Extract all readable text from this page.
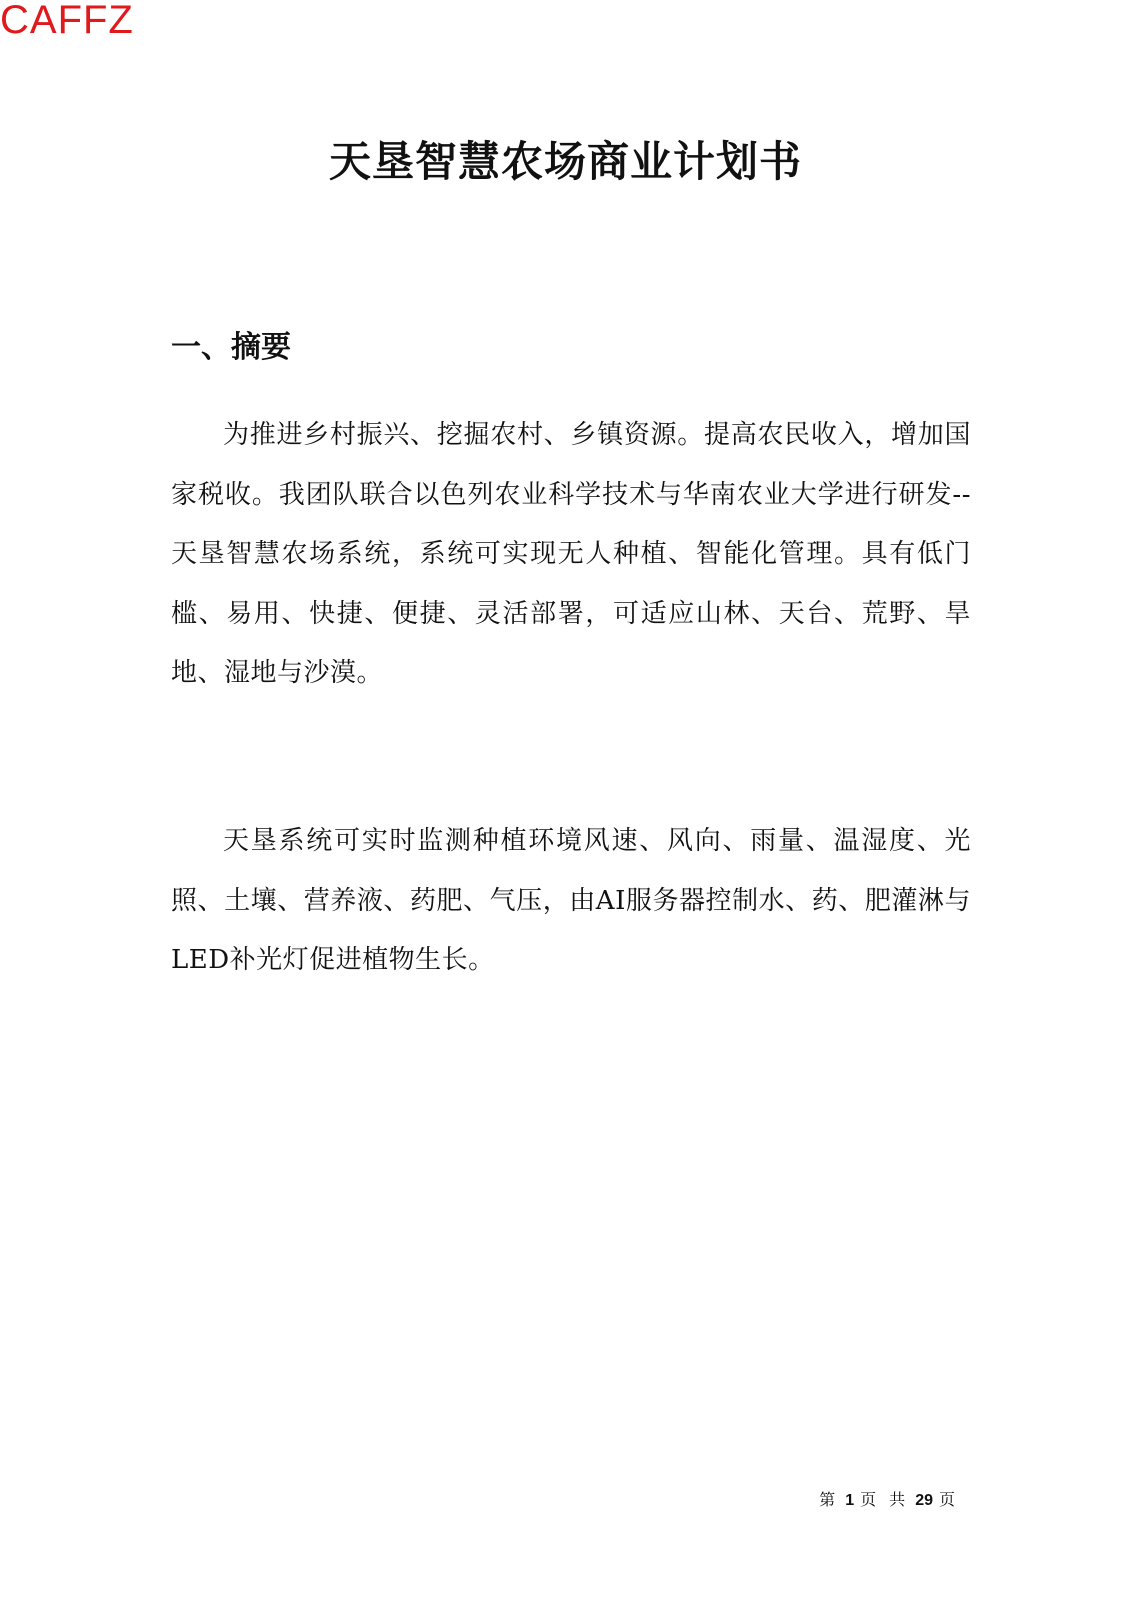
CAFFZ
天垦智慧农场商业计划书
一、摘要

为推进乡村振兴、挖掘农村、乡镇资源。提高农民收入，增加国家税收。我团队联合以色列农业科学技术与华南农业大学进行研发--天垦智慧农场系统，系统可实现无人种植、智能化管理。具有低门槛、易用、快捷、便捷、灵活部署，可适应山林、天台、荒野、旱地、湿地与沙漠。

天垦系统可实时监测种植环境风速、风向、雨量、温湿度、光照、土壤、营养液、药肥、气压，由AI服务器控制水、药、肥灌淋与LED补光灯促进植物生长。

第 1 页 共 29 页
